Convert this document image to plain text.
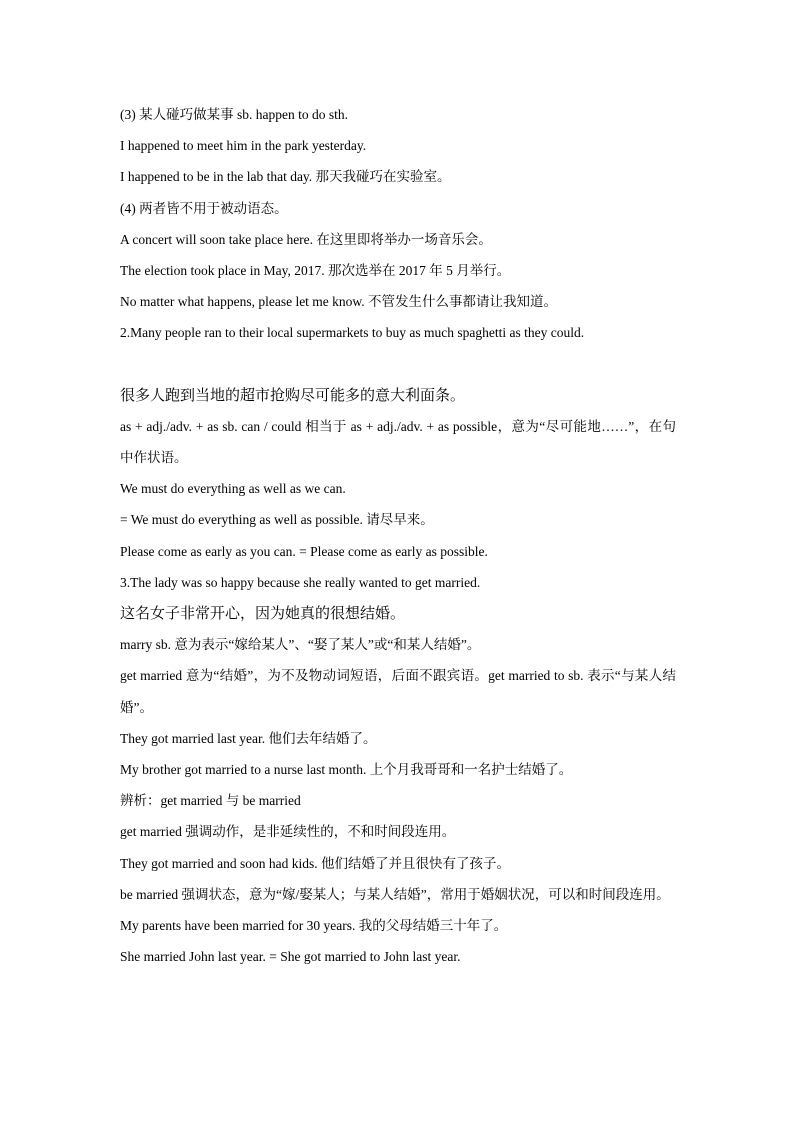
(3) 某人碰巧做某事 sb. happen to do sth.
I happened to meet him in the park yesterday.
I happened to be in the lab that day. 那天我碰巧在实验室。
(4) 两者皆不用于被动语态。
A concert will soon take place here. 在这里即将举办一场音乐会。
The election took place in May, 2017. 那次选举在 2017 年 5 月举行。
No matter what happens, please let me know. 不管发生什么事都请让我知道。
2.Many people ran to their local supermarkets to buy as much spaghetti as they could.
很多人跑到当地的超市抢购尽可能多的意大利面条。
as + adj./adv. + as sb. can / could 相当于 as + adj./adv. + as possible，意为“尽可能地……”，在句中作状语。
We must do everything as well as we can.
= We must do everything as well as possible. 请尽早来。
Please come as early as you can. = Please come as early as possible.
3.The lady was so happy because she really wanted to get married.
这名女子非常开心，因为她真的很想结婚。
marry sb. 意为表示“嫁给某人”、“娶了某人”或“和某人结婚”。
get married 意为“结婚”，为不及物动词短语，后面不跟宾语。get married to sb. 表示“与某人结婚”。
They got married last year. 他们去年结婚了。
My brother got married to a nurse last month. 上个月我哥哥和一名护士结婚了。
辨析：get married 与 be married
get married 强调动作，是非延续性的，不和时间段连用。
They got married and soon had kids. 他们结婚了并且很快有了孩子。
be married 强调状态，意为“嫁/娶某人；与某人结婚”，常用于婚姻状况，可以和时间段连用。
My parents have been married for 30 years. 我的父母结婚三十年了。
She married John last year. = She got married to John last year.
